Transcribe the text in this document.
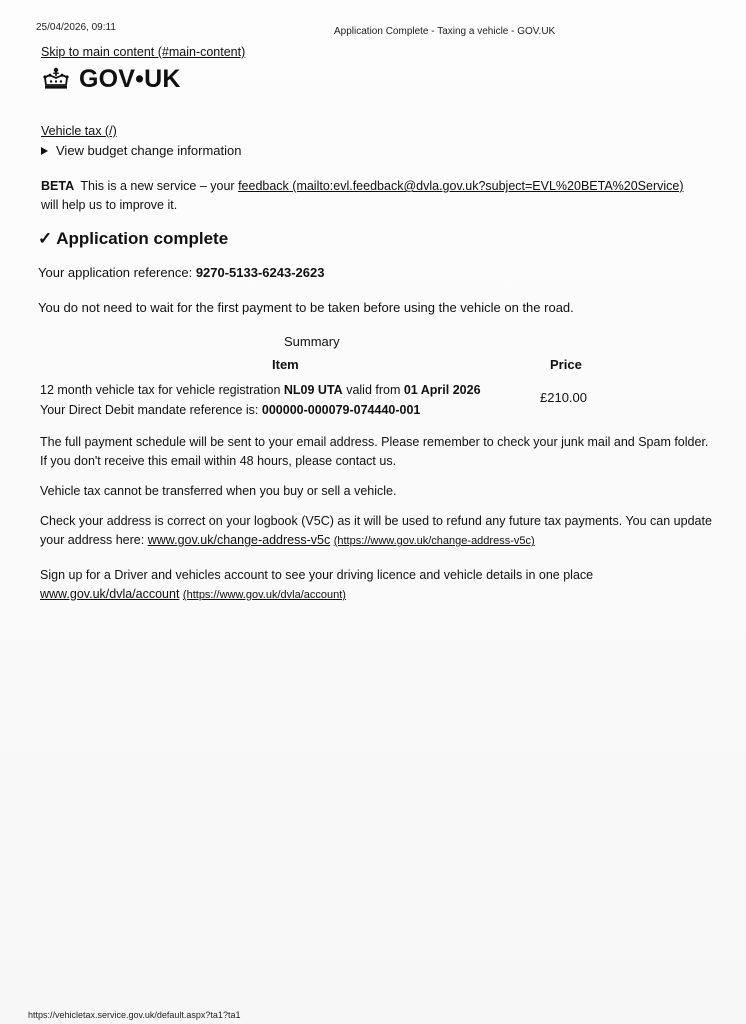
25/04/2026, 09:11	Application Complete - Taxing a vehicle - GOV.UK
Skip to main content (#main-content)
GOV•UK
Vehicle tax (/)
View budget change information
BETA This is a new service – your feedback (mailto:evl.feedback@dvla.gov.uk?subject=EVL%20BETA%20Service)
will help us to improve it.
✓ Application complete
Your application reference: 9270-5133-6243-2623
You do not need to wait for the first payment to be taken before using the vehicle on the road.
Summary
Item	Price
12 month vehicle tax for vehicle registration NL09 UTA valid from 01 April 2026
Your Direct Debit mandate reference is: 000000-000079-074440-001
£210.00
The full payment schedule will be sent to your email address. Please remember to check your junk mail and Spam folder. If you don't receive this email within 48 hours, please contact us.
Vehicle tax cannot be transferred when you buy or sell a vehicle.
Check your address is correct on your logbook (V5C) as it will be used to refund any future tax payments. You can update your address here: www.gov.uk/change-address-v5c (https://www.gov.uk/change-address-v5c)
Sign up for a Driver and vehicles account to see your driving licence and vehicle details in one place
www.gov.uk/dvla/account (https://www.gov.uk/dvla/account)
https://vehicletax.service.gov.uk/default.aspx?ta1?ta1
